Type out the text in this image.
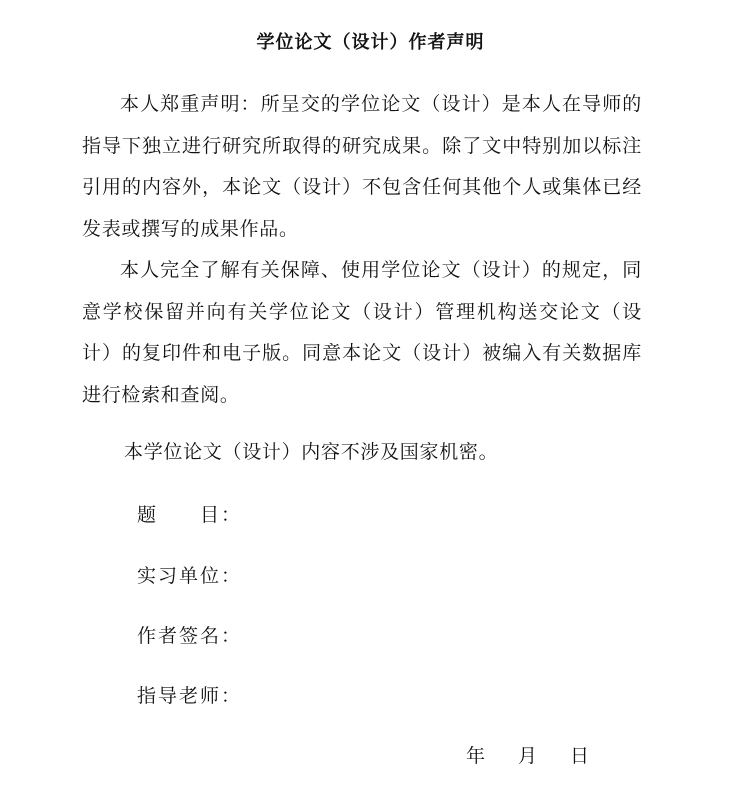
学位论文（设计）作者声明

本人郑重声明：所呈交的学位论文（设计）是本人在导师的指导下独立进行研究所取得的研究成果。除了文中特别加以标注引用的内容外，本论文（设计）不包含任何其他个人或集体已经发表或撰写的成果作品。

本人完全了解有关保障、使用学位论文（设计）的规定，同意学校保留并向有关学位论文（设计）管理机构送交论文（设计）的复印件和电子版。同意本论文（设计）被编入有关数据库进行检索和查阅。

本学位论文（设计）内容不涉及国家机密。
题 目：
实习单位：
作者签名：
指导老师：
年 月 日
